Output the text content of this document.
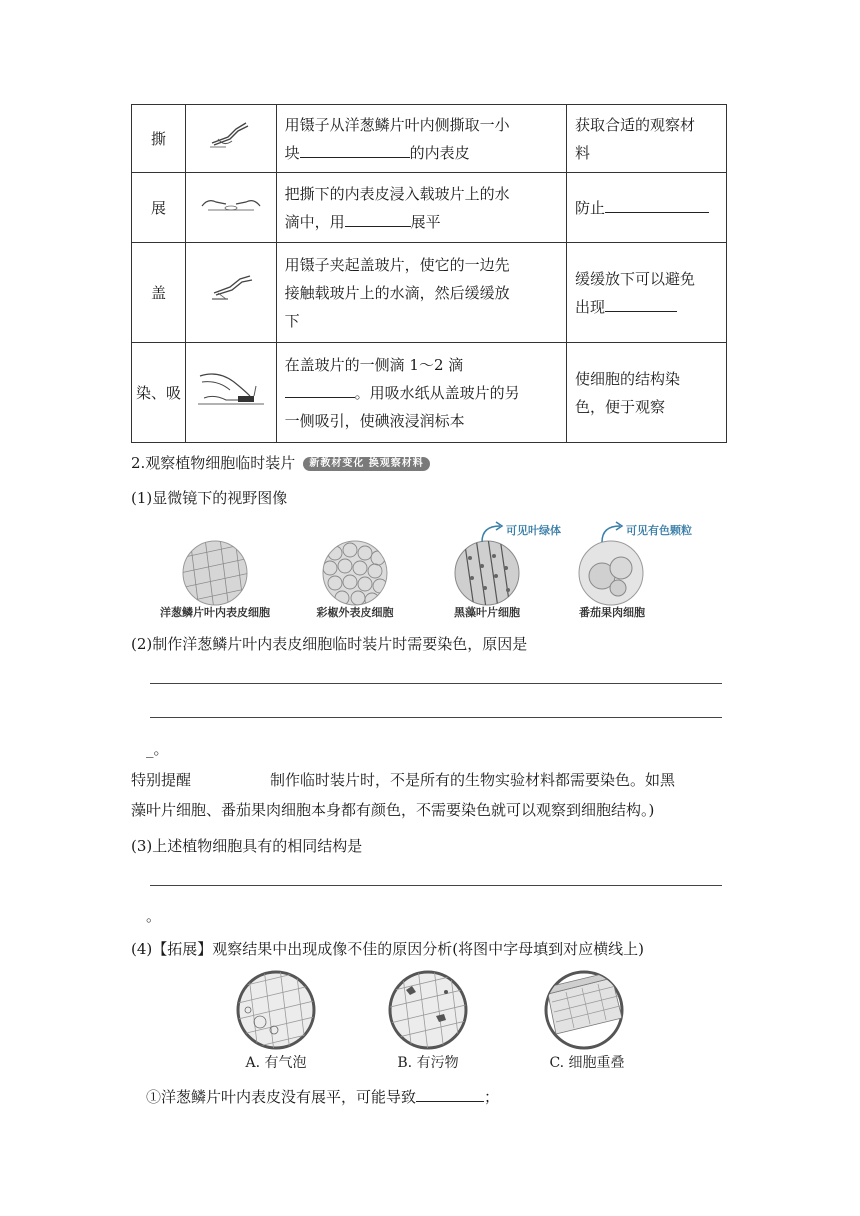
撕		用镊子从洋葱鳞片叶内侧撕取一小
块 的内表皮	获取合适的观察材
料
展		把撕下的内表皮浸入载玻片上的水
滴中，用 展平	防止
盖		用镊子夹起盖玻片，使它的一边先
接触载玻片上的水滴，然后缓缓放
下	缓缓放下可以避免
出现
染、吸		在盖玻片的一侧滴 1～2 滴
。用吸水纸从盖玻片的另
一侧吸引，使碘液浸润标本	使细胞的结构染
色，便于观察
2.观察植物细胞临时装片 新教材变化 换观察材料
(1)显微镜下的视野图像
可见叶绿体	可见有色颗粒
洋葱鳞片叶内表皮细胞	彩椒外表皮细胞	黑藻叶片细胞	番茄果肉细胞
(2)制作洋葱鳞片叶内表皮细胞临时装片时需要染色，原因是
_。
特别提醒	制作临时装片时，不是所有的生物实验材料都需要染色。如黑
藻叶片细胞、番茄果肉细胞本身都有颜色，不需要染色就可以观察到细胞结构。)
(3)上述植物细胞具有的相同结构是
。
(4)【拓展】观察结果中出现成像不佳的原因分析(将图中字母填到对应横线上)
A. 有气泡	B. 有污物	C. 细胞重叠
①洋葱鳞片叶内表皮没有展平，可能导致	；
